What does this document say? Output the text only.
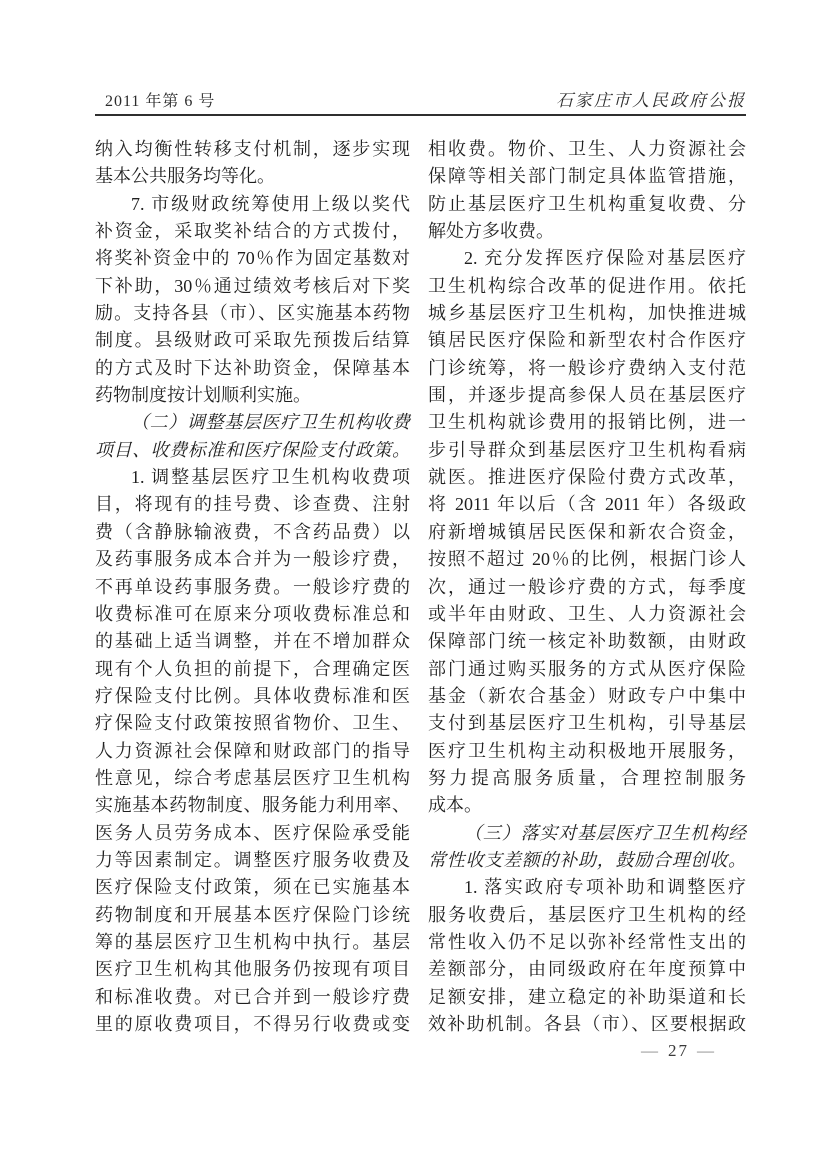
2011 年第 6 号	石家庄市人民政府公报
纳入均衡性转移支付机制，逐步实现
基本公共服务均等化。
7. 市级财政统筹使用上级以奖代
补资金，采取奖补结合的方式拨付，
将奖补资金中的 70％作为固定基数对
下补助，30％通过绩效考核后对下奖
励。支持各县（市）、区实施基本药物
制度。县级财政可采取先预拨后结算
的方式及时下达补助资金，保障基本
药物制度按计划顺利实施。
（二）调整基层医疗卫生机构收费
项目、收费标准和医疗保险支付政策。
1. 调整基层医疗卫生机构收费项
目，将现有的挂号费、诊查费、注射
费（含静脉输液费，不含药品费）以
及药事服务成本合并为一般诊疗费，
不再单设药事服务费。一般诊疗费的
收费标准可在原来分项收费标准总和
的基础上适当调整，并在不增加群众
现有个人负担的前提下，合理确定医
疗保险支付比例。具体收费标准和医
疗保险支付政策按照省物价、卫生、
人力资源社会保障和财政部门的指导
性意见，综合考虑基层医疗卫生机构
实施基本药物制度、服务能力利用率、
医务人员劳务成本、医疗保险承受能
力等因素制定。调整医疗服务收费及
医疗保险支付政策，须在已实施基本
药物制度和开展基本医疗保险门诊统
筹的基层医疗卫生机构中执行。基层
医疗卫生机构其他服务仍按现有项目
和标准收费。对已合并到一般诊疗费
里的原收费项目，不得另行收费或变
相收费。物价、卫生、人力资源社会
保障等相关部门制定具体监管措施，
防止基层医疗卫生机构重复收费、分
解处方多收费。
2. 充分发挥医疗保险对基层医疗
卫生机构综合改革的促进作用。依托
城乡基层医疗卫生机构，加快推进城
镇居民医疗保险和新型农村合作医疗
门诊统筹，将一般诊疗费纳入支付范
围，并逐步提高参保人员在基层医疗
卫生机构就诊费用的报销比例，进一
步引导群众到基层医疗卫生机构看病
就医。推进医疗保险付费方式改革，
将 2011 年以后（含 2011 年）各级政
府新增城镇居民医保和新农合资金，
按照不超过 20％的比例，根据门诊人
次，通过一般诊疗费的方式，每季度
或半年由财政、卫生、人力资源社会
保障部门统一核定补助数额，由财政
部门通过购买服务的方式从医疗保险
基金（新农合基金）财政专户中集中
支付到基层医疗卫生机构，引导基层
医疗卫生机构主动积极地开展服务，
努力提高服务质量，合理控制服务
成本。
（三）落实对基层医疗卫生机构经
常性收支差额的补助，鼓励合理创收。
1. 落实政府专项补助和调整医疗
服务收费后，基层医疗卫生机构的经
常性收入仍不足以弥补经常性支出的
差额部分，由同级政府在年度预算中
足额安排，建立稳定的补助渠道和长
效补助机制。各县（市）、区要根据政
— 27 —
